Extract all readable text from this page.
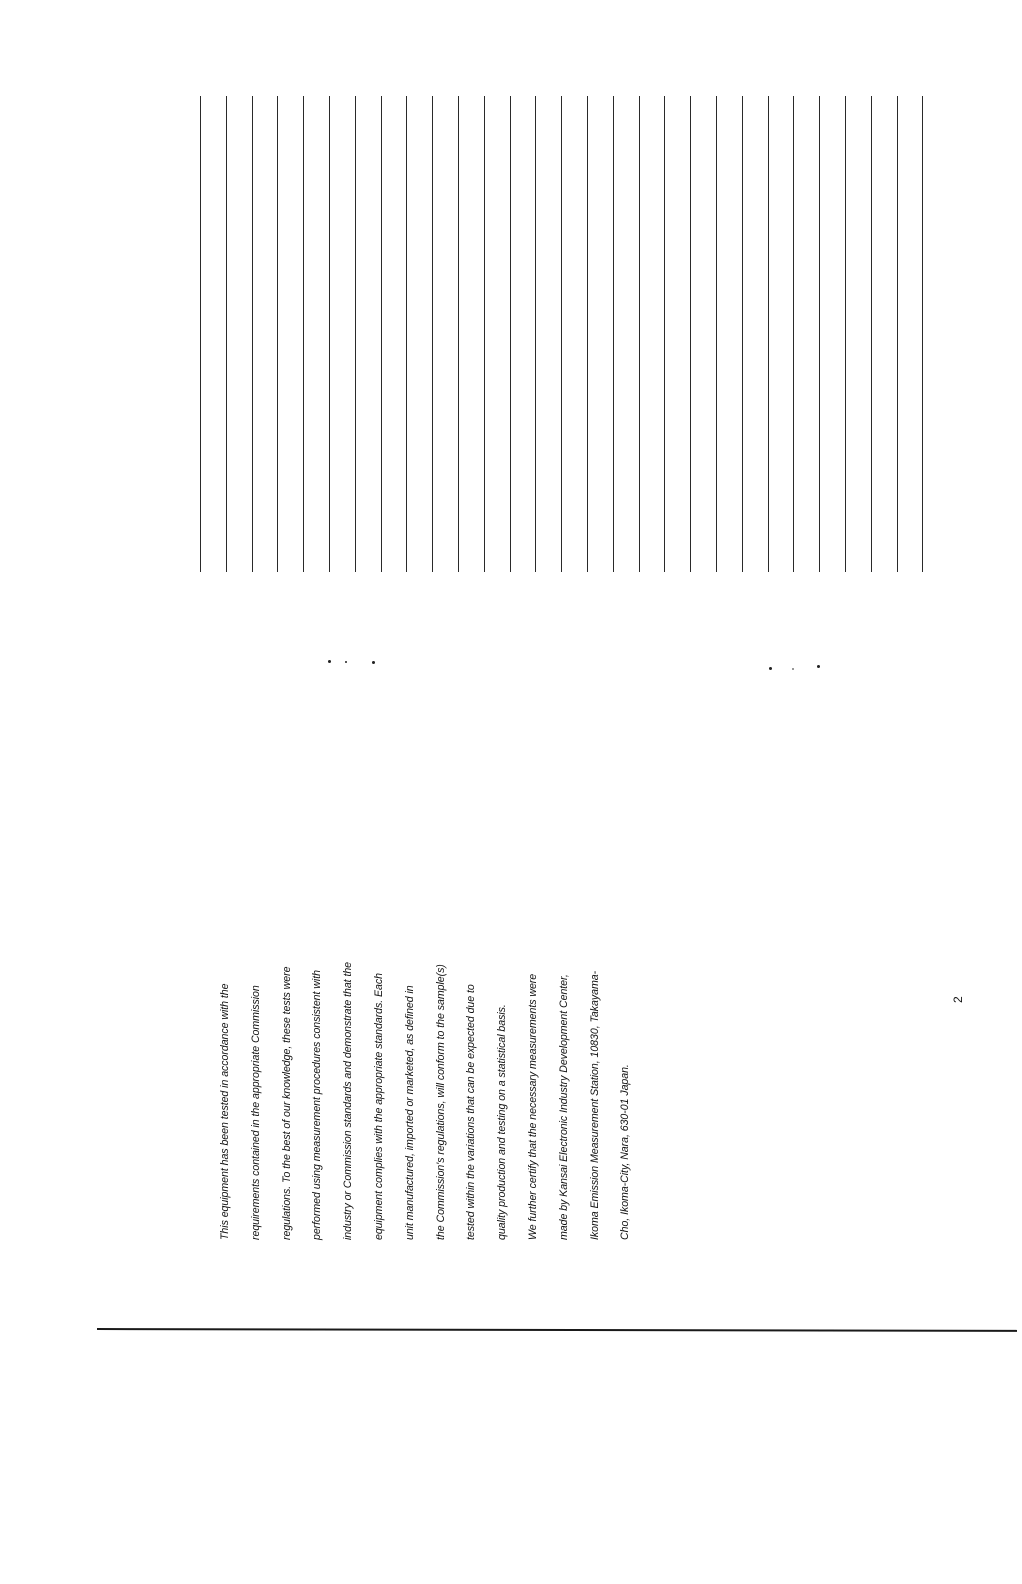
This equipment has been tested in accordance with the	requirements contained in the appropriate Commission	regulations. To the best of our knowledge, these tests were	performed using measurement procedures consistent with	industry or Commission standards and demonstrate that the	equipment complies with the appropriate standards. Each	unit manufactured, imported or marketed, as defined in	the Commission's regulations, will conform to the sample(s)	tested within the variations that can be expected due to	quality production and testing on a statistical basis.	We further certify that the necessary measurements were	made by Kansai Electronic Industry Development Center,	Ikoma Emission Measurement Station, 10830, Takayama-	Cho, Ikoma-City, Nara, 630-01 Japan.
2
